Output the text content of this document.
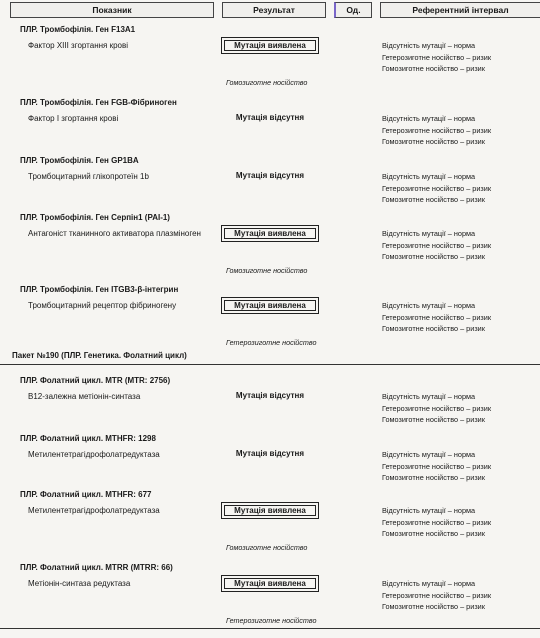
Показник	Результат	Од.	Референтний інтервал
ПЛР. Тромбофілія. Ген F13A1
Фактор XIII згортання крові	Мутація виявлена	Відсутність мутації – норма
Гетерозиготне носійство – ризик
Гомозиготне носійство – ризик
Гомозиготне носійство
ПЛР. Тромбофілія. Ген FGB-Фібриноген
Фактор I згортання крові	Мутація відсутня	Відсутність мутації – норма
Гетерозиготне носійство – ризик
Гомозиготне носійство – ризик
ПЛР. Тромбофілія. Ген GP1BA
Тромбоцитарний глікопротеїн 1b	Мутація відсутня	Відсутність мутації – норма
Гетерозиготне носійство – ризик
Гомозиготне носійство – ризик
ПЛР. Тромбофілія. Ген Серпін1 (PAI-1)
Антагоніст тканинного активатора плазміноген	Мутація виявлена	Відсутність мутації – норма
Гетерозиготне носійство – ризик
Гомозиготне носійство – ризик
Гомозиготне носійство
ПЛР. Тромбофілія. Ген ITGB3-β-інтегрин
Тромбоцитарний рецептор фібриногену	Мутація виявлена	Відсутність мутації – норма
Гетерозиготне носійство – ризик
Гомозиготне носійство – ризик
Гетерозиготне носійство
ПЛР. Фолатний цикл. MTR (MTR: 2756)
B12-залежна метіонін-синтаза	Мутація відсутня	Відсутність мутації – норма
Гетерозиготне носійство – ризик
Гомозиготне носійство – ризик
ПЛР. Фолатний цикл. MTHFR: 1298
Метилентетрагідрофолатредуктаза	Мутація відсутня	Відсутність мутації – норма
Гетерозиготне носійство – ризик
Гомозиготне носійство – ризик
ПЛР. Фолатний цикл. MTHFR: 677
Метилентетрагідрофолатредуктаза	Мутація виявлена	Відсутність мутації – норма
Гетерозиготне носійство – ризик
Гомозиготне носійство – ризик
Гомозиготне носійство
ПЛР. Фолатний цикл. MTRR (MTRR: 66)
Метіонін-синтаза редуктаза	Мутація виявлена	Відсутність мутації – норма
Гетерозиготне носійство – ризик
Гомозиготне носійство – ризик
Гетерозиготне носійство
Пакет №190 (ПЛР. Генетика. Фолатний цикл)
